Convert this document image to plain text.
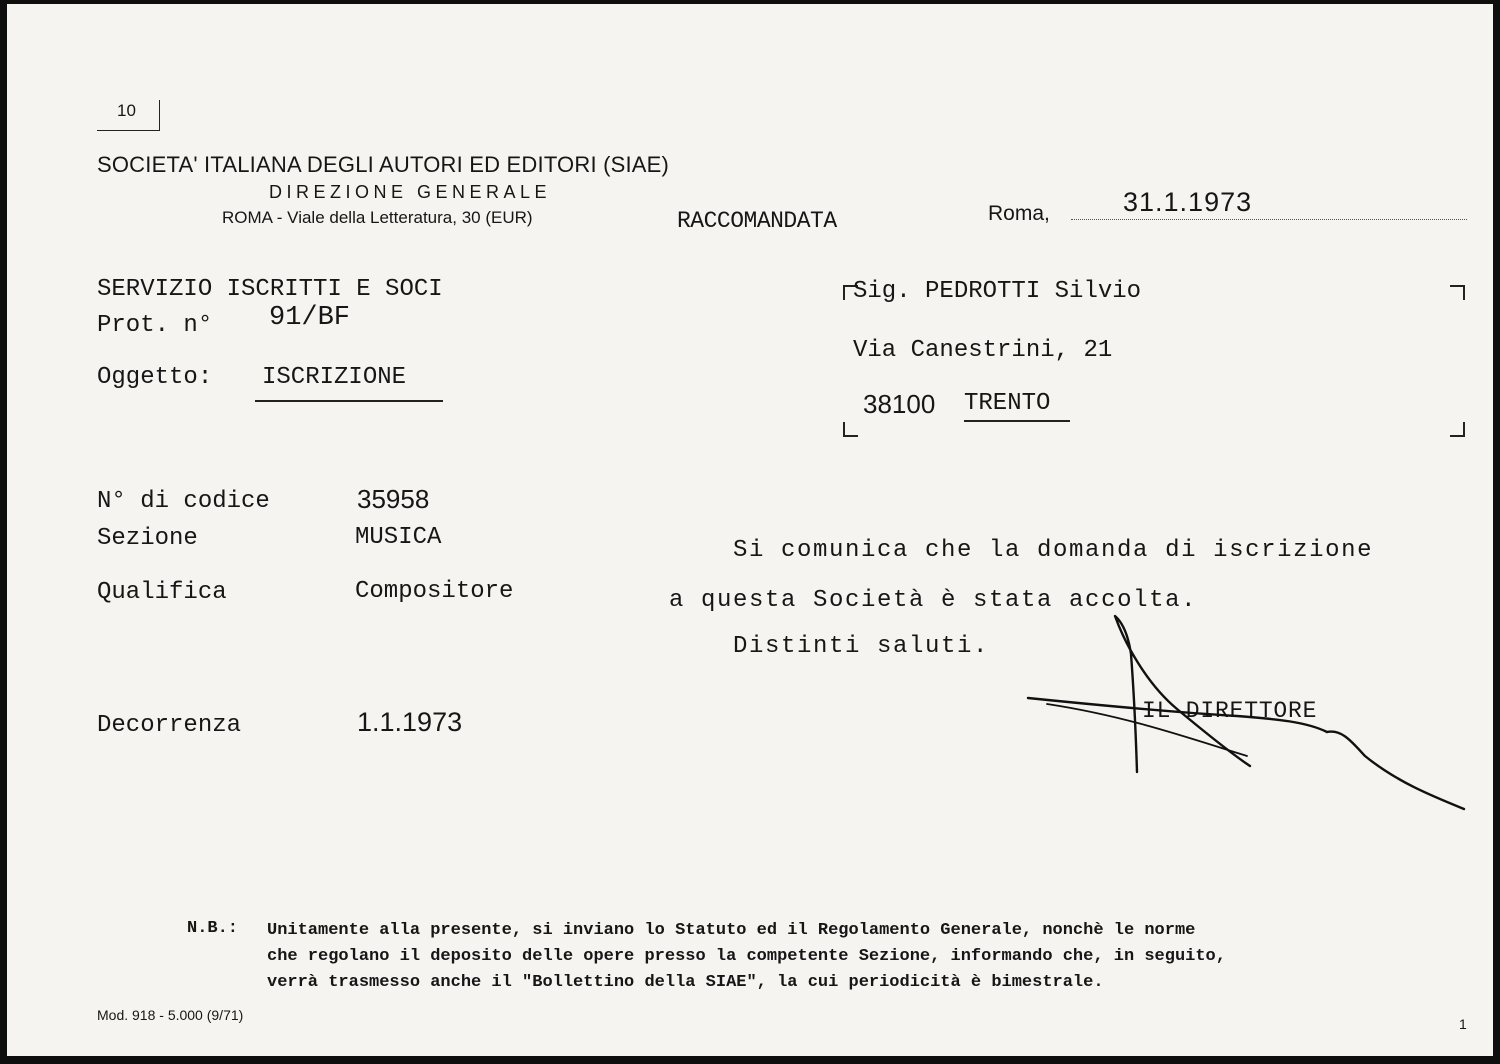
10
SOCIETA' ITALIANA DEGLI AUTORI ED EDITORI (SIAE)
DIREZIONE GENERALE
ROMA - Viale della Letteratura, 30 (EUR)	RACCOMANDATA	Roma,	31.1.1973
SERVIZIO ISCRITTI E SOCI
Prot. n° 91/BF
Oggetto: ISCRIZIONE
Sig. PEDROTTI Silvio
Via Canestrini, 21
38100 TRENTO
N° di codice	35958
Sezione	MUSICA
Qualifica	Compositore
Decorrenza	1.1.1973
Si comunica che la domanda di iscrizione
a questa Società è stata accolta.
Distinti saluti.
IL DIRETTORE
N.B.: Unitamente alla presente, si inviano lo Statuto ed il Regolamento Generale, nonchè le norme
che regolano il deposito delle opere presso la competente Sezione, informando che, in seguito,
verrà trasmesso anche il "Bollettino della SIAE", la cui periodicità è bimestrale.
Mod. 918 - 5.000 (9/71)
1
